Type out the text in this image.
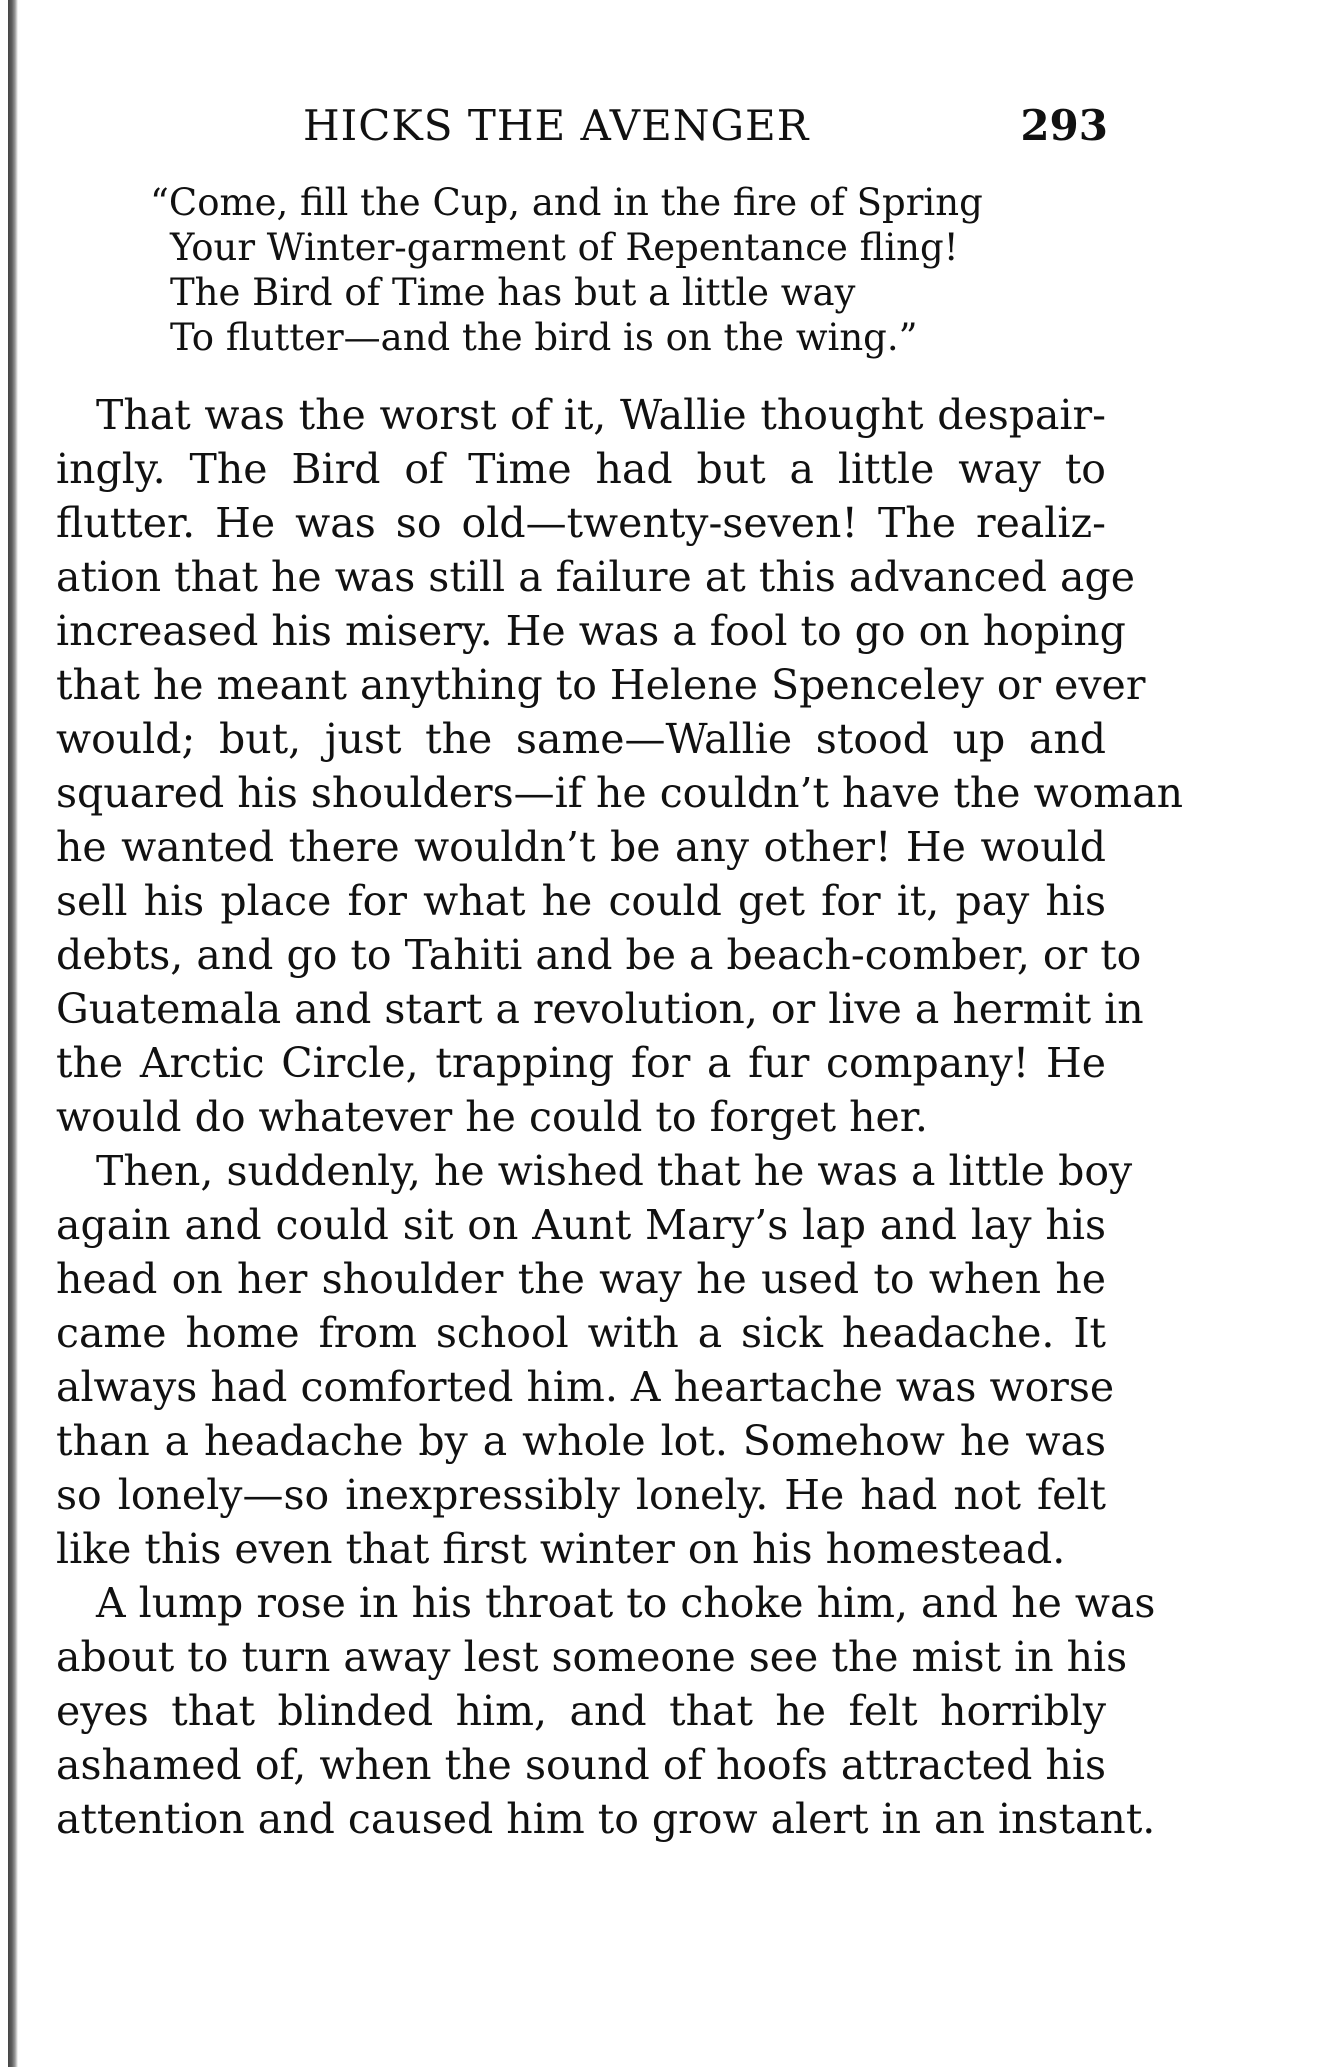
HICKS THE AVENGER	293
“Come, fill the Cup, and in the fire of Spring
Your Winter-garment of Repentance fling!
The Bird of Time has but a little way
To flutter—and the bird is on the wing.”
That was the worst of it, Wallie thought despair-
ingly. The Bird of Time had but a little way to
flutter. He was so old—twenty-seven! The realiz-
ation that he was still a failure at this advanced age
increased his misery. He was a fool to go on hoping
that he meant anything to Helene Spenceley or ever
would; but, just the same—Wallie stood up and
squared his shoulders—if he couldn’t have the woman
he wanted there wouldn’t be any other! He would
sell his place for what he could get for it, pay his
debts, and go to Tahiti and be a beach-comber, or to
Guatemala and start a revolution, or live a hermit in
the Arctic Circle, trapping for a fur company! He
would do whatever he could to forget her.
Then, suddenly, he wished that he was a little boy
again and could sit on Aunt Mary’s lap and lay his
head on her shoulder the way he used to when he
came home from school with a sick headache. It
always had comforted him. A heartache was worse
than a headache by a whole lot. Somehow he was
so lonely—so inexpressibly lonely. He had not felt
like this even that first winter on his homestead.
A lump rose in his throat to choke him, and he was
about to turn away lest someone see the mist in his
eyes that blinded him, and that he felt horribly
ashamed of, when the sound of hoofs attracted his
attention and caused him to grow alert in an instant.
